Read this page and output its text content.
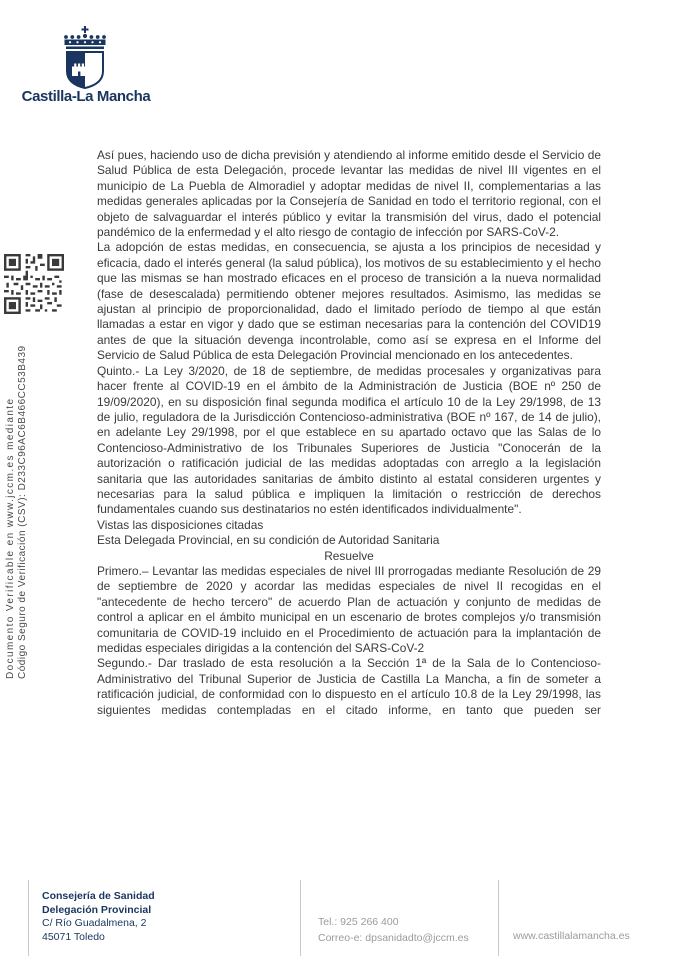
Castilla-La Mancha
Documento Verificable en www.jccm.es mediante Código Seguro de Verificación (CSV): D233C96AC6B466CC53B439

Así pues, haciendo uso de dicha previsión y atendiendo al informe emitido desde el Servicio de Salud Pública de esta Delegación, procede levantar las medidas de nivel III vigentes en el municipio de La Puebla de Almoradiel y adoptar medidas de nivel II, complementarias a las medidas generales aplicadas por la Consejería de Sanidad en todo el territorio regional, con el objeto de salvaguardar el interés público y evitar la transmisión del virus, dado el potencial pandémico de la enfermedad y el alto riesgo de contagio de infección por SARS-CoV-2.

La adopción de estas medidas, en consecuencia, se ajusta a los principios de necesidad y eficacia, dado el interés general (la salud pública), los motivos de su establecimiento y el hecho que las mismas se han mostrado eficaces en el proceso de transición a la nueva normalidad (fase de desescalada) permitiendo obtener mejores resultados. Asimismo, las medidas se ajustan al principio de proporcionalidad, dado el limitado período de tiempo al que están llamadas a estar en vigor y dado que se estiman necesarias para la contención del COVID19 antes de que la situación devenga incontrolable, como así se expresa en el Informe del Servicio de Salud Pública de esta Delegación Provincial mencionado en los antecedentes.

Quinto.- La Ley 3/2020, de 18 de septiembre, de medidas procesales y organizativas para hacer frente al COVID-19 en el ámbito de la Administración de Justicia (BOE nº 250 de 19/09/2020), en su disposición final segunda modifica el artículo 10 de la Ley 29/1998, de 13 de julio, reguladora de la Jurisdicción Contencioso-administrativa (BOE nº 167, de 14 de julio), en adelante Ley 29/1998, por el que establece en su apartado octavo que las Salas de lo Contencioso-Administrativo de los Tribunales Superiores de Justicia "Conocerán de la autorización o ratificación judicial de las medidas adoptadas con arreglo a la legislación sanitaria que las autoridades sanitarias de ámbito distinto al estatal consideren urgentes y necesarias para la salud pública e impliquen la limitación o restricción de derechos fundamentales cuando sus destinatarios no estén identificados individualmente".

Vistas las disposiciones citadas

Esta Delegada Provincial, en su condición de Autoridad Sanitaria

Resuelve

Primero.– Levantar las medidas especiales de nivel III prorrogadas mediante Resolución de 29 de septiembre de 2020 y acordar las medidas especiales de nivel II recogidas en el "antecedente de hecho tercero" de acuerdo Plan de actuación y conjunto de medidas de control a aplicar en el ámbito municipal en un escenario de brotes complejos y/o transmisión comunitaria de COVID-19 incluido en el Procedimiento de actuación para la implantación de medidas especiales dirigidas a la contención del SARS-CoV-2

Segundo.- Dar traslado de esta resolución a la Sección 1ª de la Sala de lo Contencioso-Administrativo del Tribunal Superior de Justicia de Castilla La Mancha, a fin de someter a ratificación judicial, de conformidad con lo dispuesto en el artículo 10.8 de la Ley 29/1998, las siguientes medidas contempladas en el citado informe, en tanto que pueden ser

Consejería de Sanidad
Delegación Provincial
C/ Río Guadalmena, 2
45071 Toledo
Tel.: 925 266 400
Correo-e: dpsanidadto@jccm.es	www.castillalamancha.es
